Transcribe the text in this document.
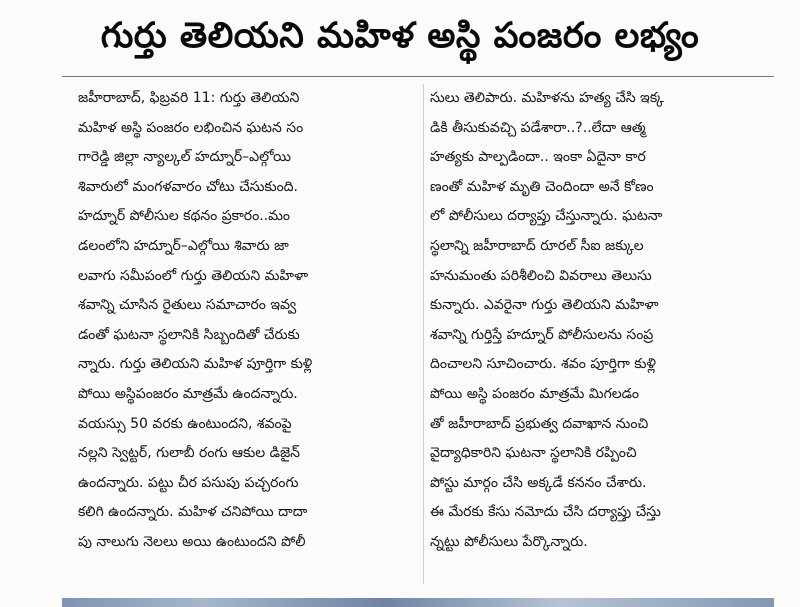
గుర్తు తెలియని మహిళ అస్థి పంజరం లభ్యం
జహీరాబాద్, ఫిబ్రవరి 11: గుర్తు తెలియని
మహిళ అస్థి పంజరం లభించిన ఘటన సం
గారెడ్డి జిల్లా న్యాల్కల్ హద్నూర్–ఎల్గోయి
శివారులో మంగళవారం చోటు చేసుకుంది.
హద్నూర్ పోలీసుల కథనం ప్రకారం..మం
డలంలోని హద్నూర్–ఎల్గోయి శివారు జా
లవాగు సమీపంలో గుర్తు తెలియని మహిళా
శవాన్ని చూసిన రైతులు సమాచారం ఇవ్వ
డంతో ఘటనా స్థలానికి సిబ్బందితో చేరుకు
న్నారు. గుర్తు తెలియని మహిళ పూర్తిగా కుళ్లి
పోయి అస్థిపంజరం మాత్రమే ఉందన్నారు.
వయస్సు 50 వరకు ఉంటుందని, శవంపై
నల్లని స్వెట్టర్, గులాబీ రంగు ఆకుల డిజైన్
ఉందన్నారు. పట్టు చీర పసుపు పచ్చరంగు
కలిగి ఉందన్నారు. మహిళ చనిపోయి దాదా
పు నాలుగు నెలలు అయి ఉంటుందని పోలీ
సులు తెలిపారు. మహిళను హత్య చేసి ఇక్క
డికి తీసుకువచ్చి పడేశారా..?..లేదా ఆత్మ
హత్యకు పాల్పడిందా.. ఇంకా ఏదైనా కార
ణంతో మహిళ మృతి చెందిందా అనే కోణం
లో పోలీసులు దర్యాప్తు చేస్తున్నారు. ఘటనా
స్థలాన్ని జహీరాబాద్ రూరల్ సీఐ జక్కుల
హనుమంతు పరిశీలించి వివరాలు తెలుసు
కున్నారు. ఎవరైనా గుర్తు తెలియని మహిళా
శవాన్ని గుర్తిస్తే హద్నూర్ పోలీసులను సంప్ర
దించాలని సూచించారు. శవం పూర్తిగా కుళ్లి
పోయి అస్థి పంజరం మాత్రమే మిగలడం
తో జహీరాబాద్ ప్రభుత్వ దవాఖాన నుంచి
వైద్యాధికారిని ఘటనా స్థలానికి రప్పించి
పోస్టు మార్గం చేసి అక్కడే కననం చేశారు.
ఈ మేరకు కేసు నమోదు చేసి దర్యాప్తు చేస్తు
న్నట్టు పోలీసులు పేర్కొన్నారు.
